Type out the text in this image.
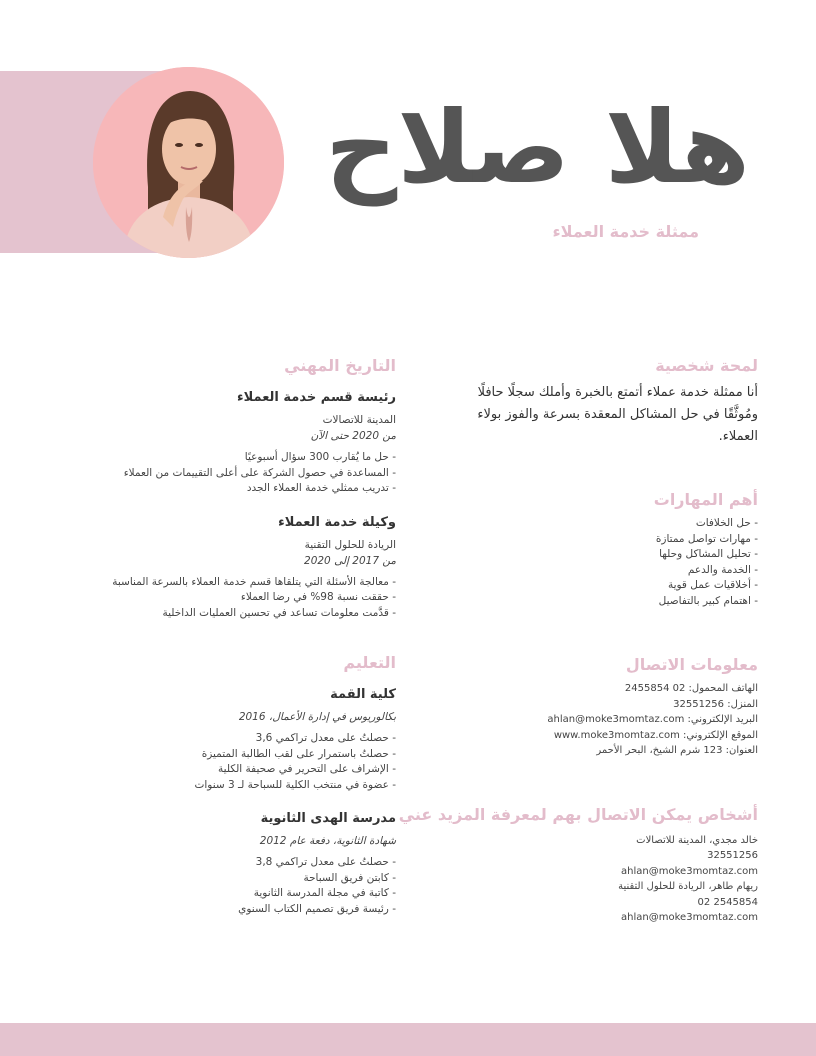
هلا صلاح
ممثلة خدمة العملاء
لمحة شخصية

أنا ممثلة خدمة عملاء أتمتع بالخبرة وأملك سجلًا حافلًا ومُوثَّقًا في حل المشاكل المعقدة بسرعة والفوز بولاء العملاء.

أهم المهارات
- حل الخلافات
- مهارات تواصل ممتازة
- تحليل المشاكل وحلها
- الخدمة والدعم
- أخلاقيات عمل قوية
- اهتمام كبير بالتفاصيل
معلومات الاتصال
الهاتف المحمول: 02 2455854
المنزل: 32551256
البريد الإلكتروني: ahlan@moke3momtaz.com
الموقع الإلكتروني: www.moke3momtaz.com
العنوان: 123 شرم الشيخ، البحر الأحمر
أشخاص يمكن الاتصال بهم لمعرفة المزيد عني
خالد مجدي، المدينة للاتصالات
32551256
ahlan@moke3momtaz.com
ريهام طاهر، الريادة للحلول التقنية
2545854 02
ahlan@moke3momtaz.com
التاريخ المهني
رئيسة قسم خدمة العملاء
المدينة للاتصالات
من 2020 حتى الآن
- حل ما يُقارب 300 سؤال أسبوعيًا
- المساعدة في حصول الشركة على أعلى التقييمات من العملاء
- تدريب ممثلي خدمة العملاء الجدد
وكيلة خدمة العملاء
الريادة للحلول التقنية
من 2017 إلى 2020
- معالجة الأسئلة التي يتلقاها قسم خدمة العملاء بالسرعة المناسبة
- حققت نسبة 98% في رضا العملاء
- قدَّمت معلومات تساعد في تحسين العمليات الداخلية
التعليم
كلية القمة
بكالوريوس في إدارة الأعمال، 2016
- حصلتُ على معدل تراكمي 3,6
- حصلتُ باستمرار على لقب الطالبة المتميزة
- الإشراف على التحرير في صحيفة الكلية
- عضوة في منتخب الكلية للسباحة لـ 3 سنوات
مدرسة الهدى الثانوية
شهادة الثانوية، دفعة عام 2012
- حصلتُ على معدل تراكمي 3,8
- كابتن فريق السباحة
- كاتبة في مجلة المدرسة الثانوية
- رئيسة فريق تصميم الكتاب السنوي
